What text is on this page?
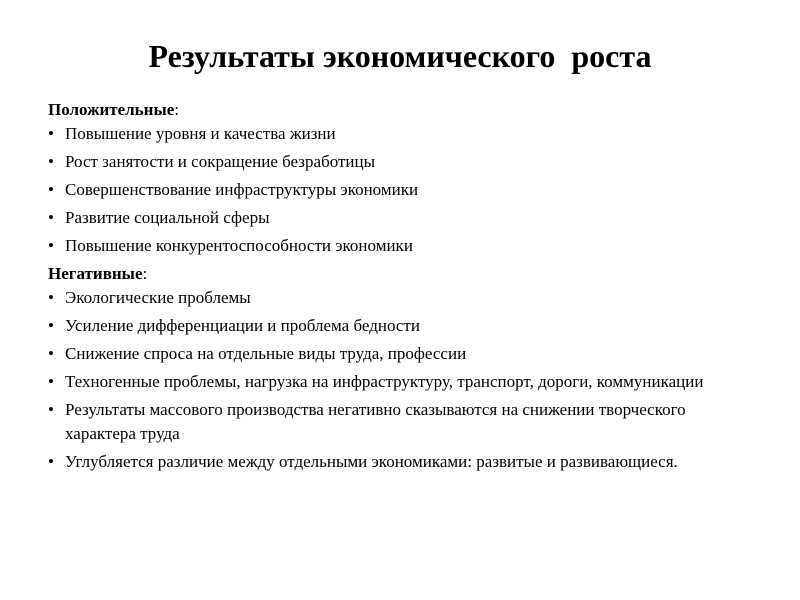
Результаты экономического  роста
Положительные:
• Повышение уровня и качества жизни
• Рост занятости и сокращение безработицы
• Совершенствование инфраструктуры экономики
• Развитие социальной сферы
• Повышение конкурентоспособности экономики
Негативные:
• Экологические проблемы
• Усиление дифференциации и проблема бедности
• Снижение спроса на отдельные виды труда, профессии
• Техногенные проблемы, нагрузка на инфраструктуру, транспорт, дороги, коммуникации
• Результаты массового производства негативно сказываются на снижении творческого характера труда
• Углубляется различие между отдельными экономиками: развитые и развивающиеся.
